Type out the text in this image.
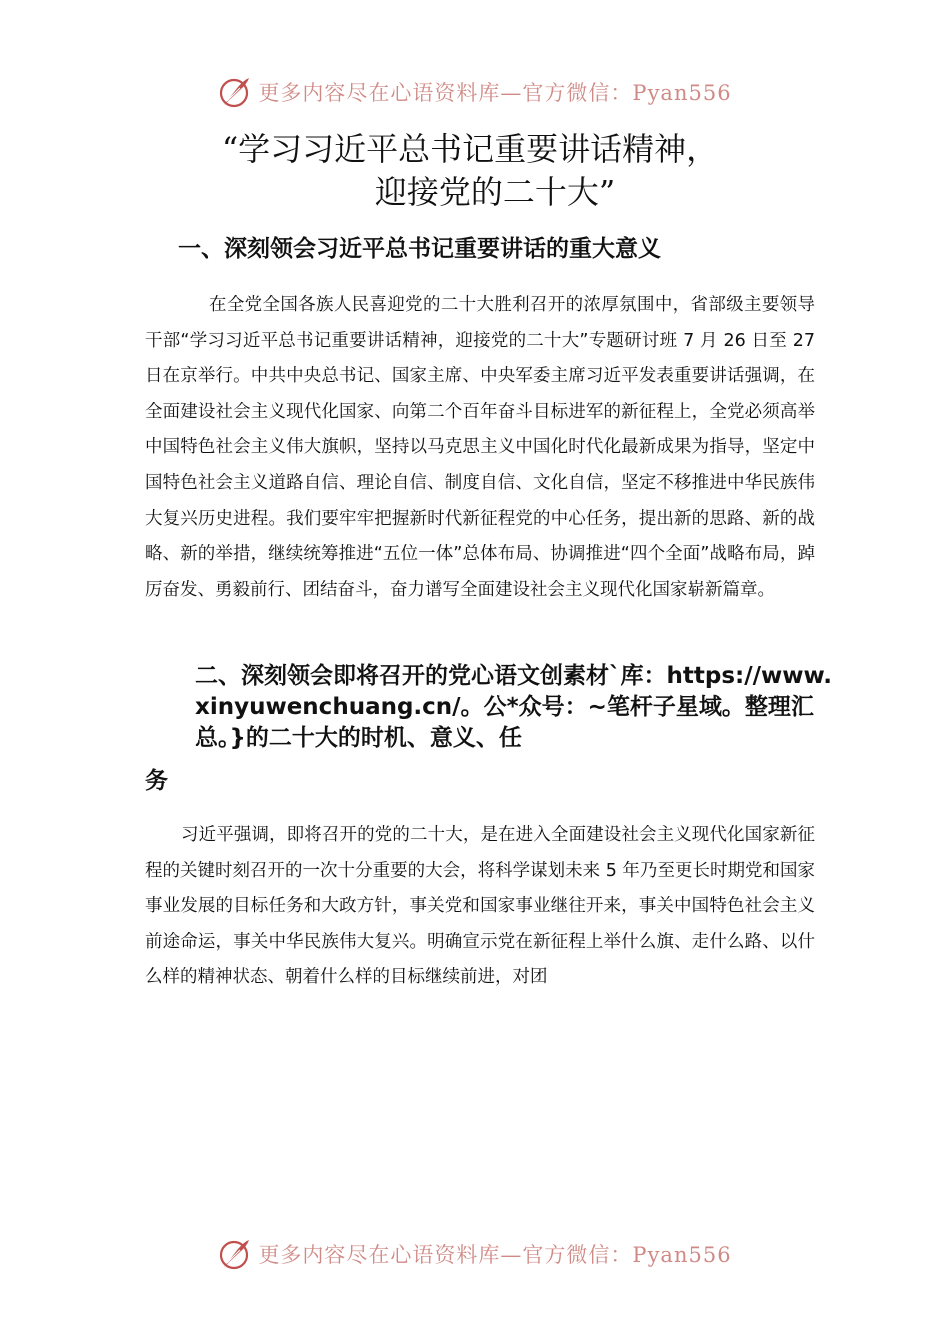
更多内容尽在心语资料库—官方微信：Pyan556
“学习习近平总书记重要讲话精神，
迎接党的二十大”
一、深刻领会习近平总书记重要讲话的重大意义
在全党全国各族人民喜迎党的二十大胜利召开的浓厚氛围中，省部级主要领导干部“学习习近平总书记重要讲话精神，迎接党的二十大”专题研讨班 7 月 26 日至 27 日在京举行。中共中央总书记、国家主席、中央军委主席习近平发表重要讲话强调，在全面建设社会主义现代化国家、向第二个百年奋斗目标进军的新征程上，全党必须高举中国特色社会主义伟大旗帜，坚持以马克思主义中国化时代化最新成果为指导，坚定中国特色社会主义道路自信、理论自信、制度自信、文化自信，坚定不移推进中华民族伟大复兴历史进程。我们要牢牢把握新时代新征程党的中心任务，提出新的思路、新的战略、新的举措，继续统筹推进“五位一体”总体布局、协调推进“四个全面”战略布局，踔厉奋发、勇毅前行、团结奋斗，奋力谱写全面建设社会主义现代化国家崭新篇章。
二、深刻领会即将召开的党心语文创素材`库：https://www.xinyuwenchuang.cn/。公*众号：~笔杆子星域。整理汇总。}的二十大的时机、意义、任
务
习近平强调，即将召开的党的二十大，是在进入全面建设社会主义现代化国家新征程的关键时刻召开的一次十分重要的大会，将科学谋划未来 5 年乃至更长时期党和国家事业发展的目标任务和大政方针，事关党和国家事业继往开来，事关中国特色社会主义前途命运，事关中华民族伟大复兴。明确宣示党在新征程上举什么旗、走什么路、以什么样的精神状态、朝着什么样的目标继续前进，对团
更多内容尽在心语资料库—官方微信：Pyan556
